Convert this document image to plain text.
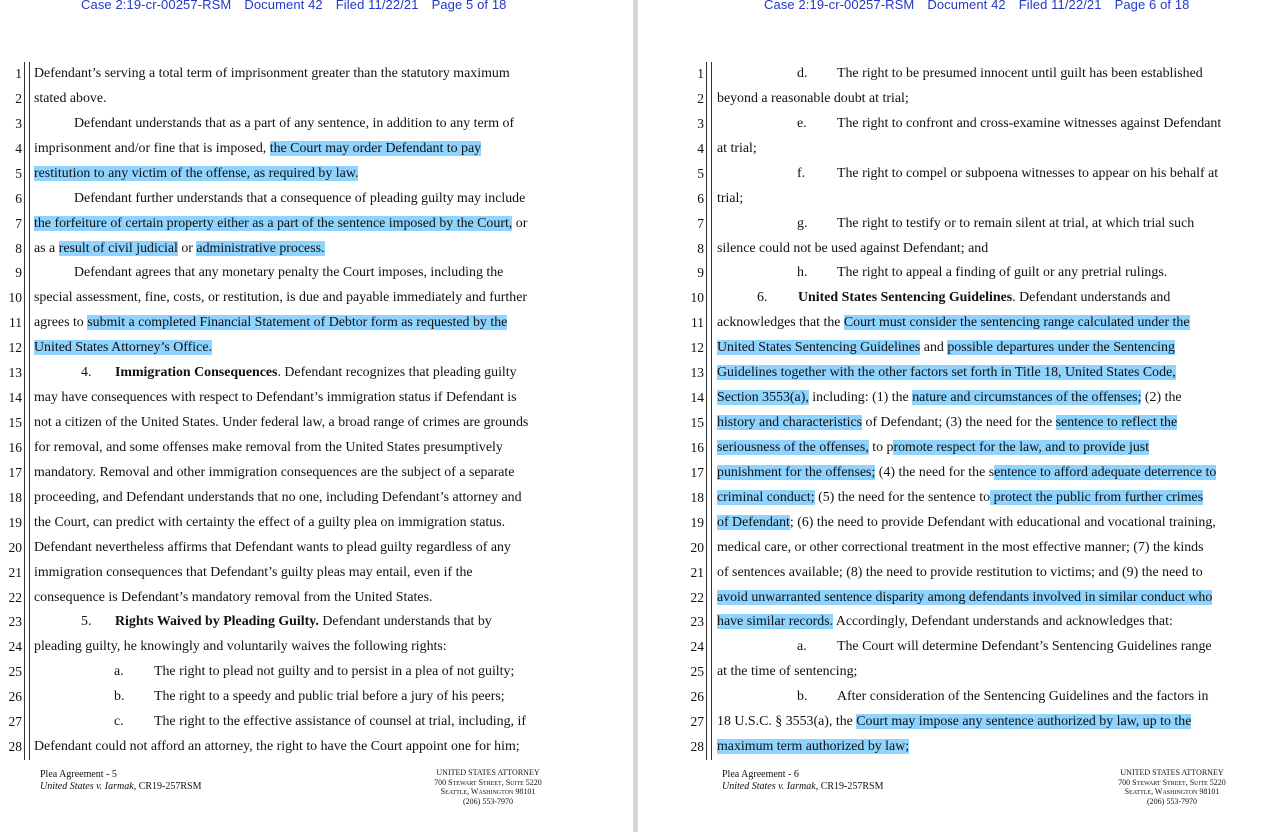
Case 2:19-cr-00257-RSM Document 42 Filed 11/22/21 Page 5 of 18
1
2
3
4
5
6
7
8
9
10
11
12
13
14
15
16
17
18
19
20
21
22
23
24
25
26
27
28
Defendant’s serving a total term of imprisonment greater than the statutory maximum
stated above.
Defendant understands that as a part of any sentence, in addition to any term of
imprisonment and/or fine that is imposed, the Court may order Defendant to pay
restitution to any victim of the offense, as required by law.
Defendant further understands that a consequence of pleading guilty may include
the forfeiture of certain property either as a part of the sentence imposed by the Court, or
as a result of civil judicial or administrative process.
Defendant agrees that any monetary penalty the Court imposes, including the
special assessment, fine, costs, or restitution, is due and payable immediately and further
agrees to submit a completed Financial Statement of Debtor form as requested by the
United States Attorney’s Office.
4. Immigration Consequences. Defendant recognizes that pleading guilty
may have consequences with respect to Defendant’s immigration status if Defendant is
not a citizen of the United States. Under federal law, a broad range of crimes are grounds
for removal, and some offenses make removal from the United States presumptively
mandatory. Removal and other immigration consequences are the subject of a separate
proceeding, and Defendant understands that no one, including Defendant’s attorney and
the Court, can predict with certainty the effect of a guilty plea on immigration status.
Defendant nevertheless affirms that Defendant wants to plead guilty regardless of any
immigration consequences that Defendant’s guilty pleas may entail, even if the
consequence is Defendant’s mandatory removal from the United States.
5. Rights Waived by Pleading Guilty. Defendant understands that by
pleading guilty, he knowingly and voluntarily waives the following rights:
a. The right to plead not guilty and to persist in a plea of not guilty;
b. The right to a speedy and public trial before a jury of his peers;
c. The right to the effective assistance of counsel at trial, including, if
Defendant could not afford an attorney, the right to have the Court appoint one for him;
Plea Agreement - 5
United States v. Iarmak, CR19-257RSM
UNITED STATES ATTORNEY
700 Stewart Street, Suite 5220
Seattle, Washington 98101
(206) 553-7970
Case 2:19-cr-00257-RSM Document 42 Filed 11/22/21 Page 6 of 18
1
2
3
4
5
6
7
8
9
10
11
12
13
14
15
16
17
18
19
20
21
22
23
24
25
26
27
28
d. The right to be presumed innocent until guilt has been established
beyond a reasonable doubt at trial;
e. The right to confront and cross-examine witnesses against Defendant
at trial;
f. The right to compel or subpoena witnesses to appear on his behalf at
trial;
g. The right to testify or to remain silent at trial, at which trial such
silence could not be used against Defendant; and
h. The right to appeal a finding of guilt or any pretrial rulings.
6. United States Sentencing Guidelines. Defendant understands and
acknowledges that the Court must consider the sentencing range calculated under the
United States Sentencing Guidelines and possible departures under the Sentencing
Guidelines together with the other factors set forth in Title 18, United States Code,
Section 3553(a), including: (1) the nature and circumstances of the offenses; (2) the
history and characteristics of Defendant; (3) the need for the sentence to reflect the
seriousness of the offenses, to promote respect for the law, and to provide just
punishment for the offenses; (4) the need for the sentence to afford adequate deterrence to
criminal conduct; (5) the need for the sentence to protect the public from further crimes
of Defendant; (6) the need to provide Defendant with educational and vocational training,
medical care, or other correctional treatment in the most effective manner; (7) the kinds
of sentences available; (8) the need to provide restitution to victims; and (9) the need to
avoid unwarranted sentence disparity among defendants involved in similar conduct who
have similar records. Accordingly, Defendant understands and acknowledges that:
a. The Court will determine Defendant’s Sentencing Guidelines range
at the time of sentencing;
b. After consideration of the Sentencing Guidelines and the factors in
18 U.S.C. § 3553(a), the Court may impose any sentence authorized by law, up to the
maximum term authorized by law;
Plea Agreement - 6
United States v. Iarmak, CR19-257RSM
UNITED STATES ATTORNEY
700 Stewart Street, Suite 5220
Seattle, Washington 98101
(206) 553-7970
